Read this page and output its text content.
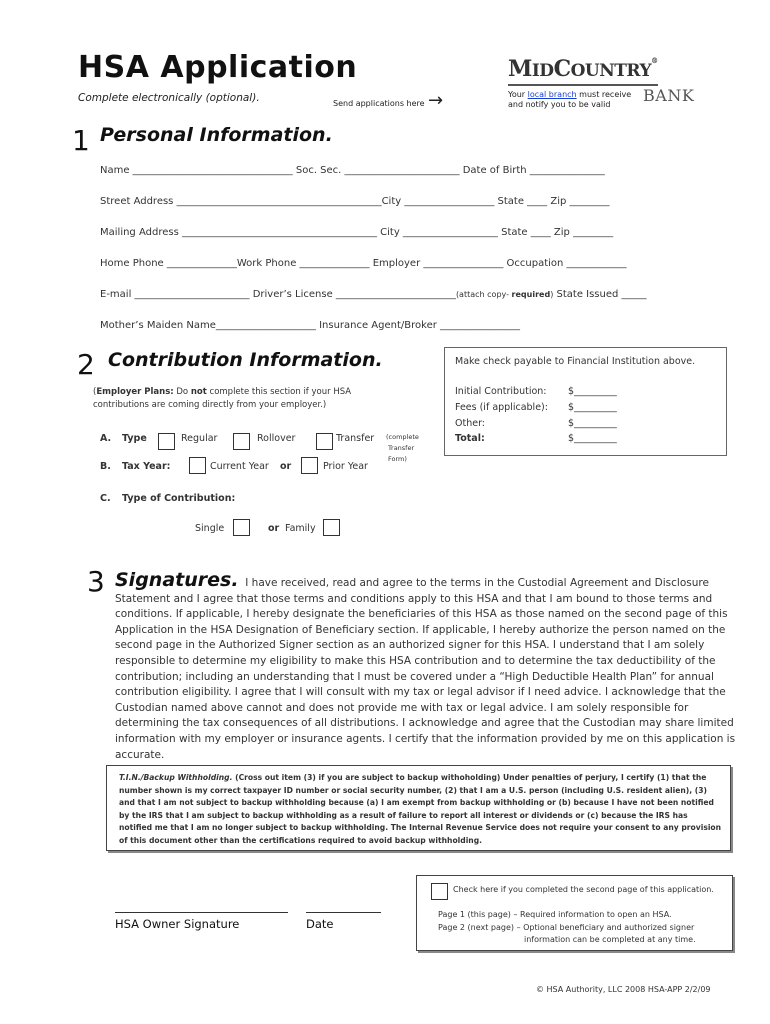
HSA Application
Complete electronically (optional).	Send applications here →
MIDCOUNTRY®
Your local branch must receive and notify you to be valid	BANK
1 Personal Information.
Name ________________________________ Soc. Sec. _______________________ Date of Birth _______________
Street Address _________________________________________City __________________ State ____ Zip ________
Mailing Address _______________________________________ City ___________________ State ____ Zip ________
Home Phone ______________Work Phone ______________ Employer ________________ Occupation ____________
E-mail _______________________ Driver’s License ________________________(attach copy- required) State Issued _____
Mother’s Maiden Name____________________ Insurance Agent/Broker ________________
2 Contribution Information.
(Employer Plans: Do not complete this section if your HSA contributions are coming directly from your employer.)
A. Type	Regular	Rollover	Transfer (complete
Transfer
Form)
B. Tax Year:	Current Year or	Prior Year
C. Type of Contribution:
Single	or Family
Make check payable to Financial Institution above.
Initial Contribution: $_________
Fees (if applicable): $_________
Other:	$_________
Total:	$_________
3 Signatures. I have received, read and agree to the terms in the Custodial Agreement and Disclosure Statement and I agree that those terms and conditions apply to this HSA and that I am bound to those terms and conditions. If applicable, I hereby designate the beneficiaries of this HSA as those named on the second page of this Application in the HSA Designation of Beneficiary section. If applicable, I hereby authorize the person named on the second page in the Authorized Signer section as an authorized signer for this HSA. I understand that I am solely responsible to determine my eligibility to make this HSA contribution and to determine the tax deductibility of the contribution; including an understanding that I must be covered under a “High Deductible Health Plan” for annual contribution eligibility. I agree that I will consult with my tax or legal advisor if I need advice. I acknowledge that the Custodian named above cannot and does not provide me with tax or legal advice. I am solely responsible for determining the tax consequences of all distributions. I acknowledge and agree that the Custodian may share limited information with my employer or insurance agents. I certify that the information provided by me on this application is accurate.
T.I.N./Backup Withholding. (Cross out item (3) if you are subject to backup withoholding) Under penalties of perjury, I certify (1) that the number shown is my correct taxpayer ID number or social security number, (2) that I am a U.S. person (including U.S. resident alien), (3) and that I am not subject to backup withholding because (a) I am exempt from backup withholding or (b) because I have not been notified by the IRS that I am subject to backup withholding as a result of failure to report all interest or dividends or (c) because the IRS has notified me that I am no longer subject to backup withholding. The Internal Revenue Service does not require your consent to any provision of this document other than the certifications required to avoid backup withholding.
HSA Owner Signature	Date
Check here if you completed the second page of this application.
Page 1 (this page) – Required information to open an HSA.
Page 2 (next page) – Optional beneficiary and authorized signer
information can be completed at any time.
© HSA Authority, LLC 2008 HSA-APP 2/2/09
